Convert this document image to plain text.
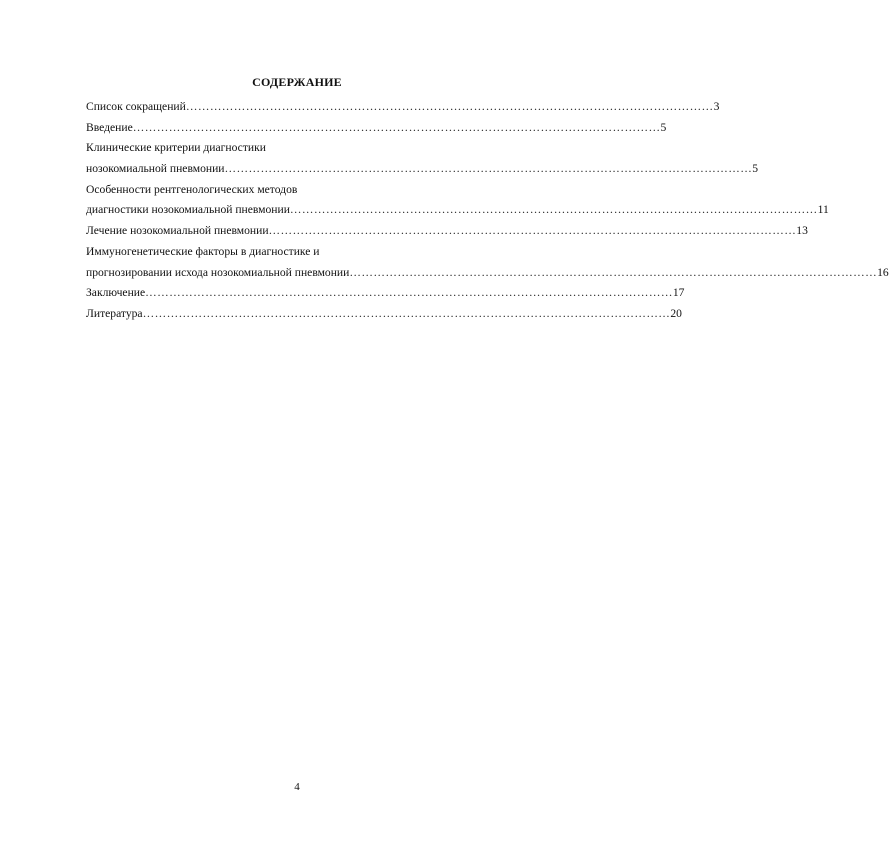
СОДЕРЖАНИЕ
Список сокращений …………………………………………………………………………………………………………………… 3
Введение …………………………………………………………………………………………………………………… 5
Клинические критерии диагностики
нозокомиальной пневмонии …………………………………………………………………………………………………………………… 5
Особенности рентгенологических методов
диагностики нозокомиальной пневмонии …………………………………………………………………………………………………………………… 11
Лечение нозокомиальной пневмонии …………………………………………………………………………………………………………………… 13
Иммуногенетические факторы в диагностике и
прогнозировании исхода нозокомиальной пневмонии …………………………………………………………………………………………………………………… 16
Заключение …………………………………………………………………………………………………………………… 17
Литература …………………………………………………………………………………………………………………… 20
4
